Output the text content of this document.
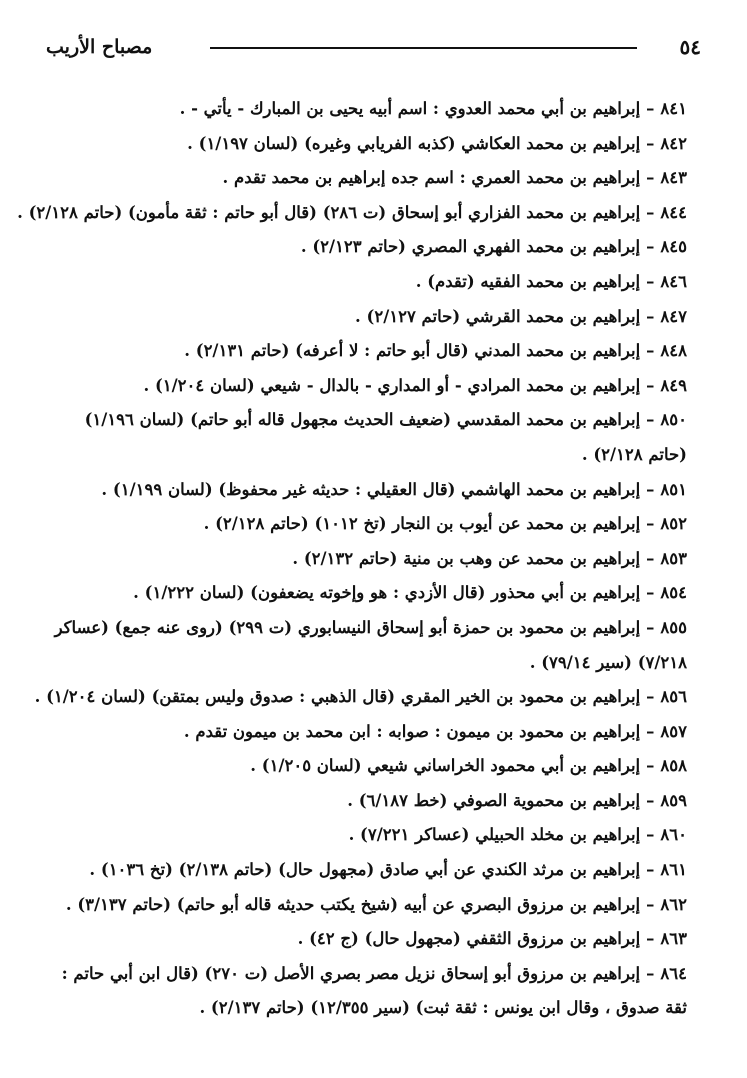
٥٤
مصباح الأريب
٨٤١–إبراهيم بن أبي محمد العدوي : اسم أبيه يحيى بن المبارك - يأتي - .
٨٤٢–إبراهيم بن محمد العكاشي (كذبه الفريابي وغيره) (لسان ١/١٩٧) .
٨٤٣–إبراهيم بن محمد العمري : اسم جده إبراهيم بن محمد تقدم .
٨٤٤–إبراهيم بن محمد الفزاري أبو إسحاق (ت ٢٨٦) (قال أبو حاتم : ثقة مأمون) (حاتم ٢/١٢٨) .
٨٤٥–إبراهيم بن محمد الفهري المصري (حاتم ٢/١٢٣) .
٨٤٦–إبراهيم بن محمد الفقيه (تقدم) .
٨٤٧–إبراهيم بن محمد القرشي (حاتم ٢/١٢٧) .
٨٤٨–إبراهيم بن محمد المدني (قال أبو حاتم : لا أعرفه) (حاتم ٢/١٣١) .
٨٤٩–إبراهيم بن محمد المرادي - أو المداري - بالدال - شيعي (لسان ١/٢٠٤) .
٨٥٠–إبراهيم بن محمد المقدسي (ضعيف الحديث مجهول قاله أبو حاتم) (لسان ١/١٩٦) (حاتم ٢/١٢٨) .
٨٥١–إبراهيم بن محمد الهاشمي (قال العقيلي : حديثه غير محفوظ) (لسان ١/١٩٩) .
٨٥٢–إبراهيم بن محمد عن أيوب بن النجار (تخ ١٠١٢) (حاتم ٢/١٢٨) .
٨٥٣–إبراهيم بن محمد عن وهب بن منية (حاتم ٢/١٣٢) .
٨٥٤–إبراهيم بن أبي محذور (قال الأزدي : هو وإخوته يضعفون) (لسان ١/٢٢٢) .
٨٥٥–إبراهيم بن محمود بن حمزة أبو إسحاق النيسابوري (ت ٢٩٩) (روى عنه جمع) (عساكر ٧/٢١٨) (سير ٧٩/١٤) .
٨٥٦–إبراهيم بن محمود بن الخير المقري (قال الذهبي : صدوق وليس بمتقن) (لسان ١/٢٠٤) .
٨٥٧–إبراهيم بن محمود بن ميمون : صوابه : ابن محمد بن ميمون تقدم .
٨٥٨–إبراهيم بن أبي محمود الخراساني شيعي (لسان ١/٢٠٥) .
٨٥٩–إبراهيم بن محموية الصوفي (خط ٦/١٨٧) .
٨٦٠–إبراهيم بن مخلد الحبيلي (عساكر ٧/٢٢١) .
٨٦١–إبراهيم بن مرثد الكندي عن أبي صادق (مجهول حال) (حاتم ٢/١٣٨) (تخ ١٠٣٦) .
٨٦٢–إبراهيم بن مرزوق البصري عن أبيه (شيخ يكتب حديثه قاله أبو حاتم) (حاتم ٣/١٣٧) .
٨٦٣–إبراهيم بن مرزوق الثقفي (مجهول حال) (ج ٤٢) .
٨٦٤–إبراهيم بن مرزوق أبو إسحاق نزيل مصر بصري الأصل (ت ٢٧٠) (قال ابن أبي حاتم : ثقة صدوق ، وقال ابن يونس : ثقة ثبت) (سير ١٢/٣٥٥) (حاتم ٢/١٣٧) .
